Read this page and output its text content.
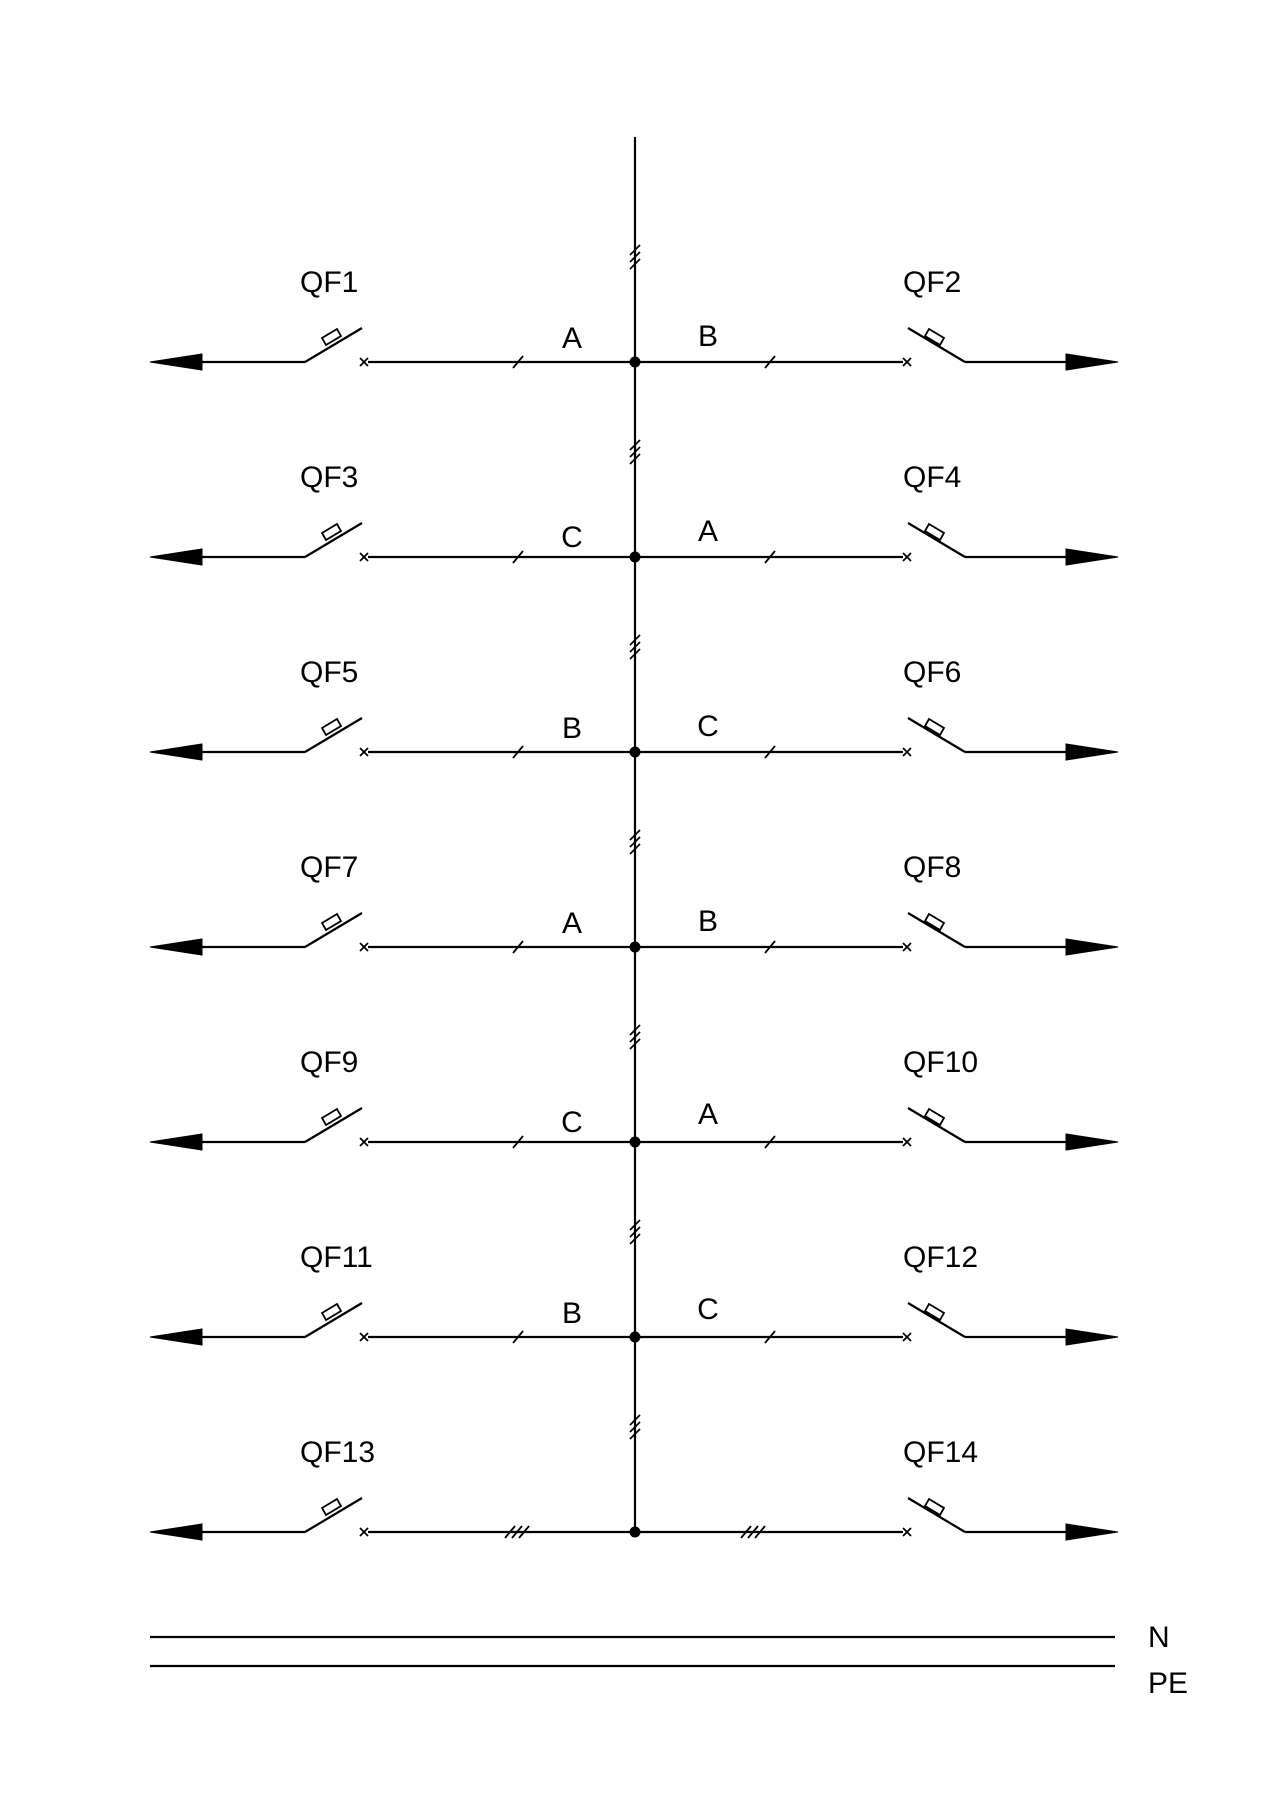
QF1
A
QF2
B
QF3
C
QF4
A
QF5
B
QF6
C
QF7
A
QF8
B
QF9
C
QF10
A
QF11
B
QF12
C
QF13	QF14
N
PE
